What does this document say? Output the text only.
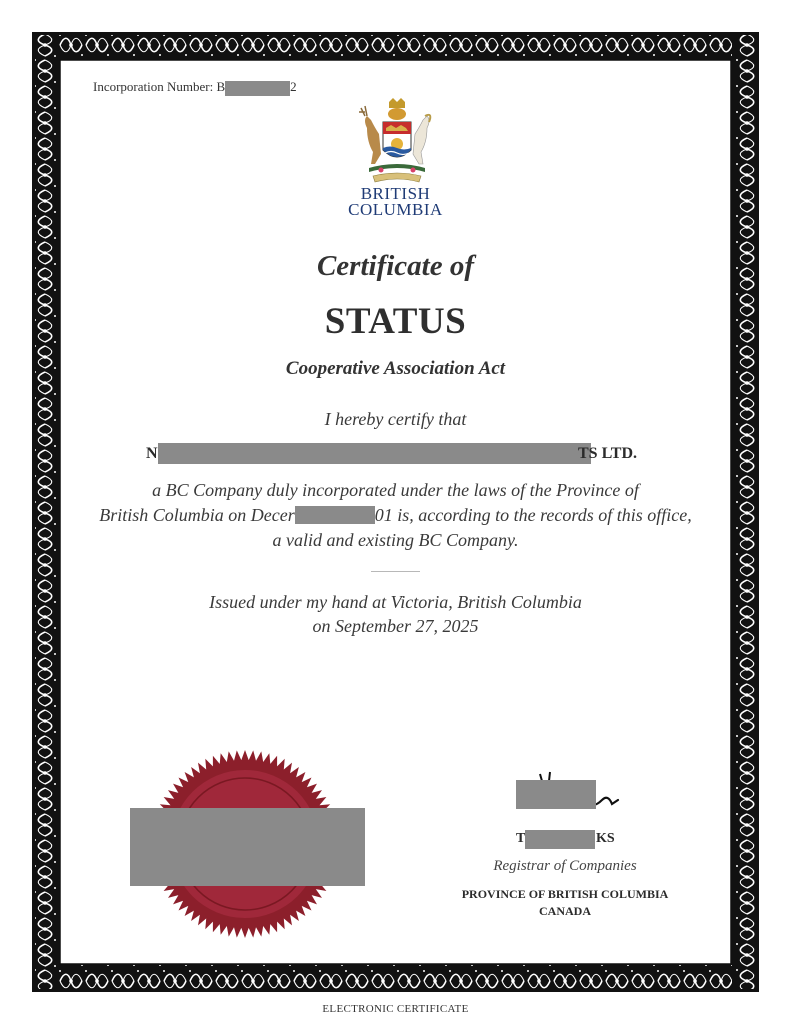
Incorporation Number: B	2
BRITISH
COLUMBIA
Certificate of
STATUS
Cooperative Association Act
I hereby certify that
N	TS LTD.
a BC Company duly incorporated under the laws of the Province of
British Columbia on Decer	01 is, according to the records of this office,
a valid and existing BC Company.
Issued under my hand at Victoria, British Columbia
on September 27, 2025
T	KS
Registrar of Companies
PROVINCE OF BRITISH COLUMBIA
CANADA
ELECTRONIC CERTIFICATE
